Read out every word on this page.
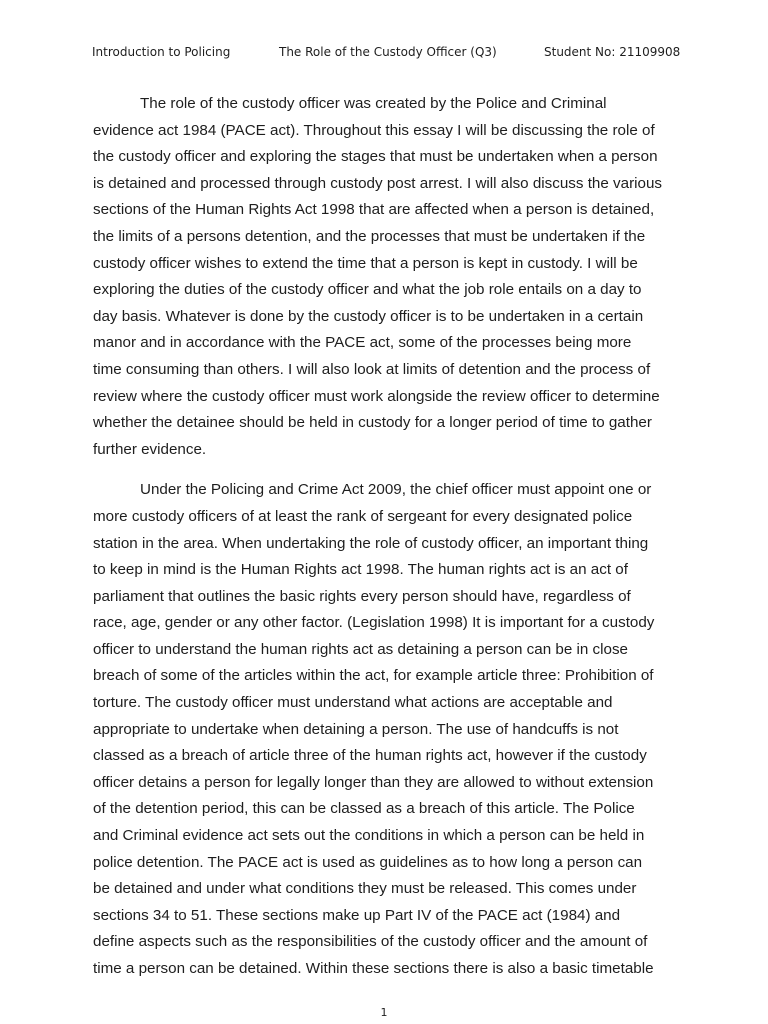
Introduction to Policing	The Role of the Custody Officer (Q3)	Student No: 21109908

The role of the custody officer was created by the Police and Criminal
evidence act 1984 (PACE act). Throughout this essay I will be discussing the role of
the custody officer and exploring the stages that must be undertaken when a person
is detained and processed through custody post arrest. I will also discuss the various
sections of the Human Rights Act 1998 that are affected when a person is detained,
the limits of a persons detention, and the processes that must be undertaken if the
custody officer wishes to extend the time that a person is kept in custody. I will be
exploring the duties of the custody officer and what the job role entails on a day to
day basis. Whatever is done by the custody officer is to be undertaken in a certain
manor and in accordance with the PACE act, some of the processes being more
time consuming than others. I will also look at limits of detention and the process of
review where the custody officer must work alongside the review officer to determine
whether the detainee should be held in custody for a longer period of time to gather
further evidence.

Under the Policing and Crime Act 2009, the chief officer must appoint one or
more custody officers of at least the rank of sergeant for every designated police
station in the area. When undertaking the role of custody officer, an important thing
to keep in mind is the Human Rights act 1998. The human rights act is an act of
parliament that outlines the basic rights every person should have, regardless of
race, age, gender or any other factor. (Legislation 1998) It is important for a custody
officer to understand the human rights act as detaining a person can be in close
breach of some of the articles within the act, for example article three: Prohibition of
torture. The custody officer must understand what actions are acceptable and
appropriate to undertake when detaining a person. The use of handcuffs is not
classed as a breach of article three of the human rights act, however if the custody
officer detains a person for legally longer than they are allowed to without extension
of the detention period, this can be classed as a breach of this article. The Police
and Criminal evidence act sets out the conditions in which a person can be held in
police detention. The PACE act is used as guidelines as to how long a person can
be detained and under what conditions they must be released. This comes under
sections 34 to 51. These sections make up Part IV of the PACE act (1984) and
define aspects such as the responsibilities of the custody officer and the amount of
time a person can be detained. Within these sections there is also a basic timetable

1
